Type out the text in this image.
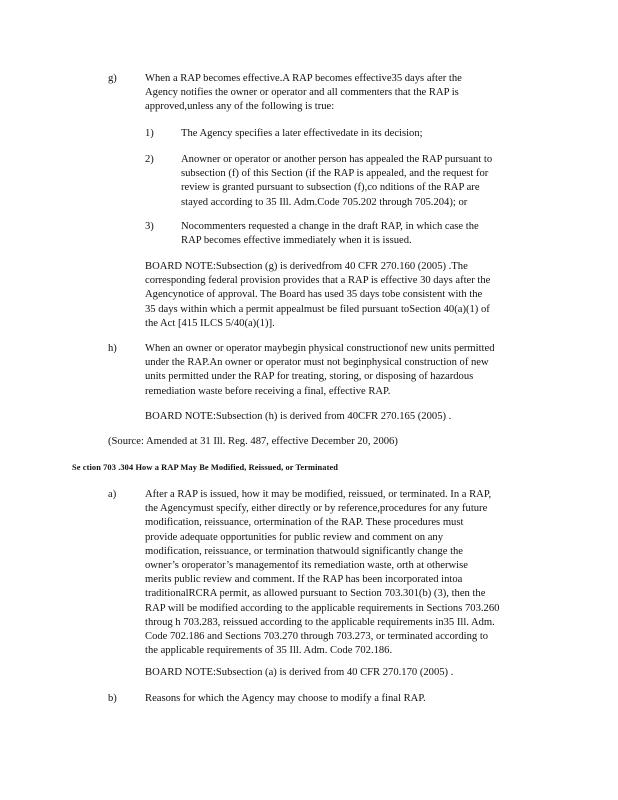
g)	When a RAP becomes effective.A RAP becomes effective35 days after the
Agency notifies the owner or operator and all commenters that the RAP is
approved,unless any of the following is true:
1)	The Agency specifies a later effectivedate in its decision;
2)	Anowner or operator or another person has appealed the RAP pursuant to
subsection (f) of this Section (if the RAP is appealed, and the request for
review is granted pursuant to subsection (f),co nditions of the RAP are
stayed according to 35 Ill. Adm.Code 705.202 through 705.204); or
3)	Nocommenters requested a change in the draft RAP, in which case the
RAP becomes effective immediately when it is issued.
BOARD NOTE:Subsection (g) is derivedfrom 40 CFR 270.160 (2005) .The
corresponding federal provision provides that a RAP is effective 30 days after the
Agencynotice of approval. The Board has used 35 days tobe consistent with the
35 days within which a permit appealmust be filed pursuant toSection 40(a)(1) of
the Act [415 ILCS 5/40(a)(1)].
h)	When an owner or operator maybegin physical constructionof new units permitted
under the RAP.An owner or operator must not beginphysical construction of new
units permitted under the RAP for treating, storing, or disposing of hazardous
remediation waste before receiving a final, effective RAP.
BOARD NOTE:Subsection (h) is derived from 40CFR 270.165 (2005) .
(Source: Amended at 31 Ill. Reg. 487, effective December 20, 2006)
Se ction 703 .304 How a RAP May Be Modified, Reissued, or Terminated
a)	After a RAP is issued, how it may be modified, reissued, or terminated. In a RAP,
the Agencymust specify, either directly or by reference,procedures for any future
modification, reissuance, ortermination of the RAP. These procedures must
provide adequate opportunities for public review and comment on any
modification, reissuance, or termination thatwould significantly change the
owner’s oroperator’s managementof its remediation waste, orth at otherwise
merits public review and comment. If the RAP has been incorporated intoa
traditionalRCRA permit, as allowed pursuant to Section 703.301(b) (3), then the
RAP will be modified according to the applicable requirements in Sections 703.260
throug h 703.283, reissued according to the applicable requirements in35 Ill. Adm.
Code 702.186 and Sections 703.270 through 703.273, or terminated according to
the applicable requirements of 35 Ill. Adm. Code 702.186.
BOARD NOTE:Subsection (a) is derived from 40 CFR 270.170 (2005) .
b)	Reasons for which the Agency may choose to modify a final RAP.
